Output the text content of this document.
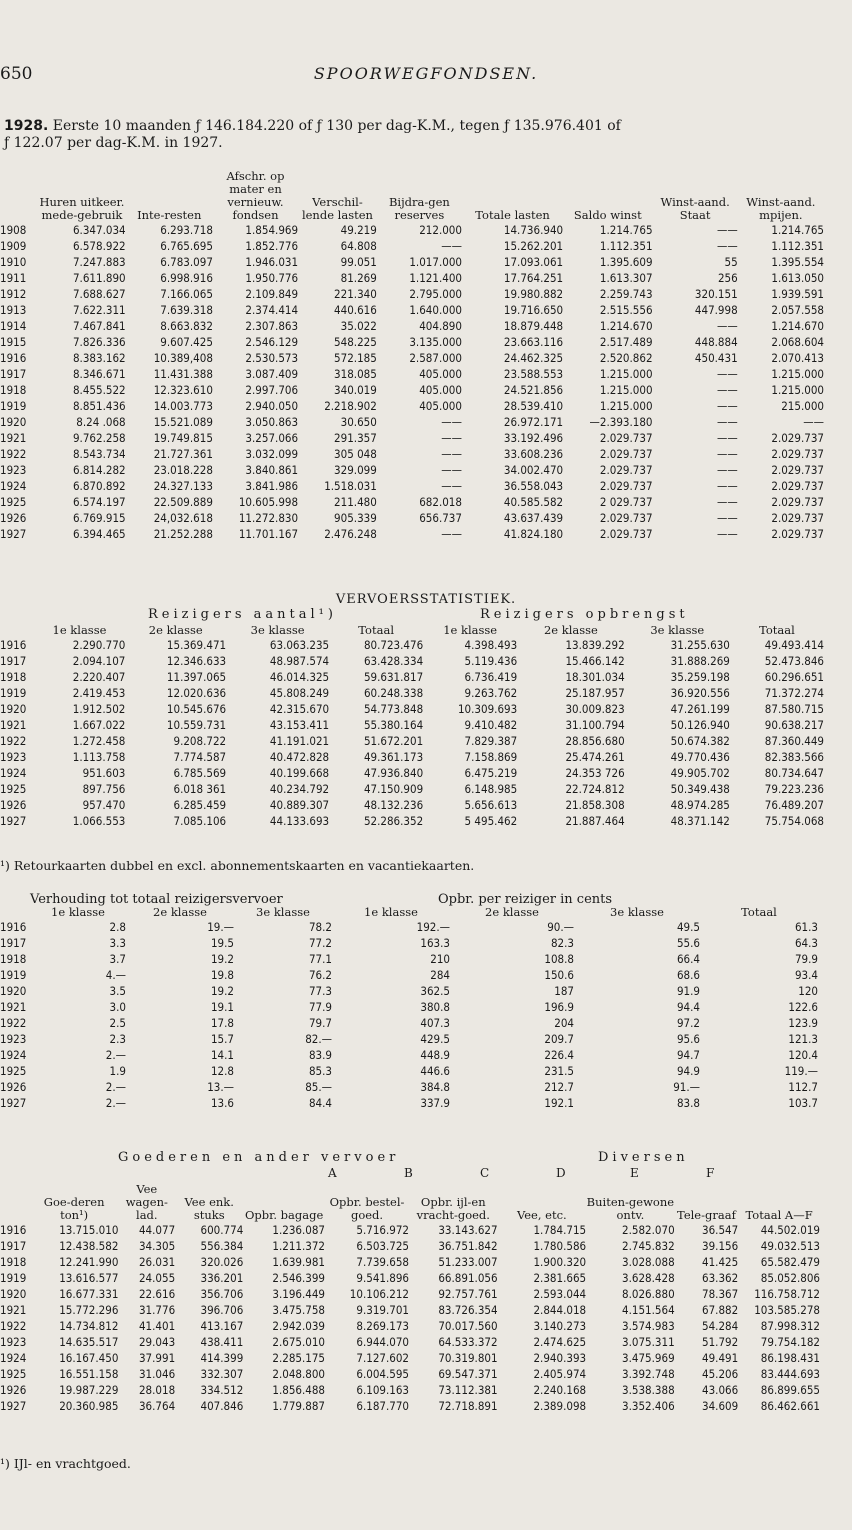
650	SPOORWEGFONDSEN.
1928. Eerste 10 maanden ƒ 146.184.220 of ƒ 130 per dag-K.M., tegen ƒ 135.976.401 of
ƒ 122.07 per dag-K.M. in 1927.
	Huren uitkeer. mede-gebruik	Inte-resten	Afschr. op mater en vernieuw. fondsen	Verschil-lende lasten	Bijdra-gen reserves	Totale lasten	Saldo winst	Winst-aand. Staat	Winst-aand. mpijen.
1908	6.347.034	6.293.718	1.854.969	49.219	212.000	14.736.940	1.214.765	——	1.214.765
1909	6.578.922	6.765.695	1.852.776	64.808	——	15.262.201	1.112.351	——	1.112.351
1910	7.247.883	6.783.097	1.946.031	99.051	1.017.000	17.093.061	1.395.609	55	1.395.554
1911	7.611.890	6.998.916	1.950.776	81.269	1.121.400	17.764.251	1.613.307	256	1.613.050
1912	7.688.627	7.166.065	2.109.849	221.340	2.795.000	19.980.882	2.259.743	320.151	1.939.591
1913	7.622.311	7.639.318	2.374.414	440.616	1.640.000	19.716.650	2.515.556	447.998	2.057.558
1914	7.467.841	8.663.832	2.307.863	35.022	404.890	18.879.448	1.214.670	——	1.214.670
1915	7.826.336	9.607.425	2.546.129	548.225	3.135.000	23.663.116	2.517.489	448.884	2.068.604
1916	8.383.162	10.389,408	2.530.573	572.185	2.587.000	24.462.325	2.520.862	450.431	2.070.413
1917	8.346.671	11.431.388	3.087.409	318.085	405.000	23.588.553	1.215.000	——	1.215.000
1918	8.455.522	12.323.610	2.997.706	340.019	405.000	24.521.856	1.215.000	——	1.215.000
1919	8.851.436	14.003.773	2.940.050	2.218.902	405.000	28.539.410	1.215.000	——	215.000
1920	8.24 .068	15.521.089	3.050.863	30.650	——	26.972.171	—2.393.180	——	——
1921	9.762.258	19.749.815	3.257.066	291.357	——	33.192.496	2.029.737	——	2.029.737
1922	8.543.734	21.727.361	3.032.099	305 048	——	33.608.236	2.029.737	——	2.029.737
1923	6.814.282	23.018.228	3.840.861	329.099	——	34.002.470	2.029.737	——	2.029.737
1924	6.870.892	24.327.133	3.841.986	1.518.031	——	36.558.043	2.029.737	——	2.029.737
1925	6.574.197	22.509.889	10.605.998	211.480	682.018	40.585.582	2 029.737	——	2.029.737
1926	6.769.915	24,032.618	11.272.830	905.339	656.737	43.637.439	2.029.737	——	2.029.737
1927	6.394.465	21.252.288	11.701.167	2.476.248	——	41.824.180	2.029.737	——	2.029.737
VERVOERSSTATISTIEK.
Reizigers aantal¹)	Reizigers opbrengst
	1e klasse	2e klasse	3e klasse	Totaal	1e klasse	2e klasse	3e klasse	Totaal
1916	2.290.770	15.369.471	63.063.235	80.723.476	4.398.493	13.839.292	31.255.630	49.493.414
1917	2.094.107	12.346.633	48.987.574	63.428.334	5.119.436	15.466.142	31.888.269	52.473.846
1918	2.220.407	11.397.065	46.014.325	59.631.817	6.736.419	18.301.034	35.259.198	60.296.651
1919	2.419.453	12.020.636	45.808.249	60.248.338	9.263.762	25.187.957	36.920.556	71.372.274
1920	1.912.502	10.545.676	42.315.670	54.773.848	10.309.693	30.009.823	47.261.199	87.580.715
1921	1.667.022	10.559.731	43.153.411	55.380.164	9.410.482	31.100.794	50.126.940	90.638.217
1922	1.272.458	9.208.722	41.191.021	51.672.201	7.829.387	28.856.680	50.674.382	87.360.449
1923	1.113.758	7.774.587	40.472.828	49.361.173	7.158.869	25.474.261	49.770.436	82.383.566
1924	951.603	6.785.569	40.199.668	47.936.840	6.475.219	24.353 726	49.905.702	80.734.647
1925	897.756	6.018 361	40.234.792	47.150.909	6.148.985	22.724.812	50.349.438	79.223.236
1926	957.470	6.285.459	40.889.307	48.132.236	5.656.613	21.858.308	48.974.285	76.489.207
1927	1.066.553	7.085.106	44.133.693	52.286.352	5 495.462	21.887.464	48.371.142	75.754.068
¹) Retourkaarten dubbel en excl. abonnementskaarten en vacantiekaarten.
Verhouding tot totaal reizigersvervoer	Opbr. per reiziger in cents
	1e klasse	2e klasse	3e klasse	1e klasse	2e klasse	3e klasse	Totaal
1916	2.8	19.—	78.2	192.—	90.—	49.5	61.3
1917	3.3	19.5	77.2	163.3	82.3	55.6	64.3
1918	3.7	19.2	77.1	210	108.8	66.4	79.9
1919	4.—	19.8	76.2	284	150.6	68.6	93.4
1920	3.5	19.2	77.3	362.5	187	91.9	120
1921	3.0	19.1	77.9	380.8	196.9	94.4	122.6
1922	2.5	17.8	79.7	407.3	204	97.2	123.9
1923	2.3	15.7	82.—	429.5	209.7	95.6	121.3
1924	2.—	14.1	83.9	448.9	226.4	94.7	120.4
1925	1.9	12.8	85.3	446.6	231.5	94.9	119.—
1926	2.—	13.—	85.—	384.8	212.7	91.—	112.7
1927	2.—	13.6	84.4	337.9	192.1	83.8	103.7
Goederen en ander vervoer	Diversen
A	B	C	D	E	F
	Goe-deren ton¹)	Vee wagen-lad.	Vee enk. stuks	Opbr. bagage	Opbr. bestel-goed.	Opbr. ijl-en vracht-goed.	Vee, etc.	Buiten-gewone ontv.	Tele-graaf	Totaal A—F
1916	13.715.010	44.077	600.774	1.236.087	5.716.972	33.143.627	1.784.715	2.582.070	36.547	44.502.019
1917	12.438.582	34.305	556.384	1.211.372	6.503.725	36.751.842	1.780.586	2.745.832	39.156	49.032.513
1918	12.241.990	26.031	320.026	1.639.981	7.739.658	51.233.007	1.900.320	3.028.088	41.425	65.582.479
1919	13.616.577	24.055	336.201	2.546.399	9.541.896	66.891.056	2.381.665	3.628.428	63.362	85.052.806
1920	16.677.331	22.616	356.706	3.196.449	10.106.212	92.757.761	2.593.044	8.026.880	78.367	116.758.712
1921	15.772.296	31.776	396.706	3.475.758	9.319.701	83.726.354	2.844.018	4.151.564	67.882	103.585.278
1922	14.734.812	41.401	413.167	2.942.039	8.269.173	70.017.560	3.140.273	3.574.983	54.284	87.998.312
1923	14.635.517	29.043	438.411	2.675.010	6.944.070	64.533.372	2.474.625	3.075.311	51.792	79.754.182
1924	16.167.450	37.991	414.399	2.285.175	7.127.602	70.319.801	2.940.393	3.475.969	49.491	86.198.431
1925	16.551.158	31.046	332.307	2.048.800	6.004.595	69.547.371	2.405.974	3.392.748	45.206	83.444.693
1926	19.987.229	28.018	334.512	1.856.488	6.109.163	73.112.381	2.240.168	3.538.388	43.066	86.899.655
1927	20.360.985	36.764	407.846	1.779.887	6.187.770	72.718.891	2.389.098	3.352.406	34.609	86.462.661
¹) IJl- en vrachtgoed.
